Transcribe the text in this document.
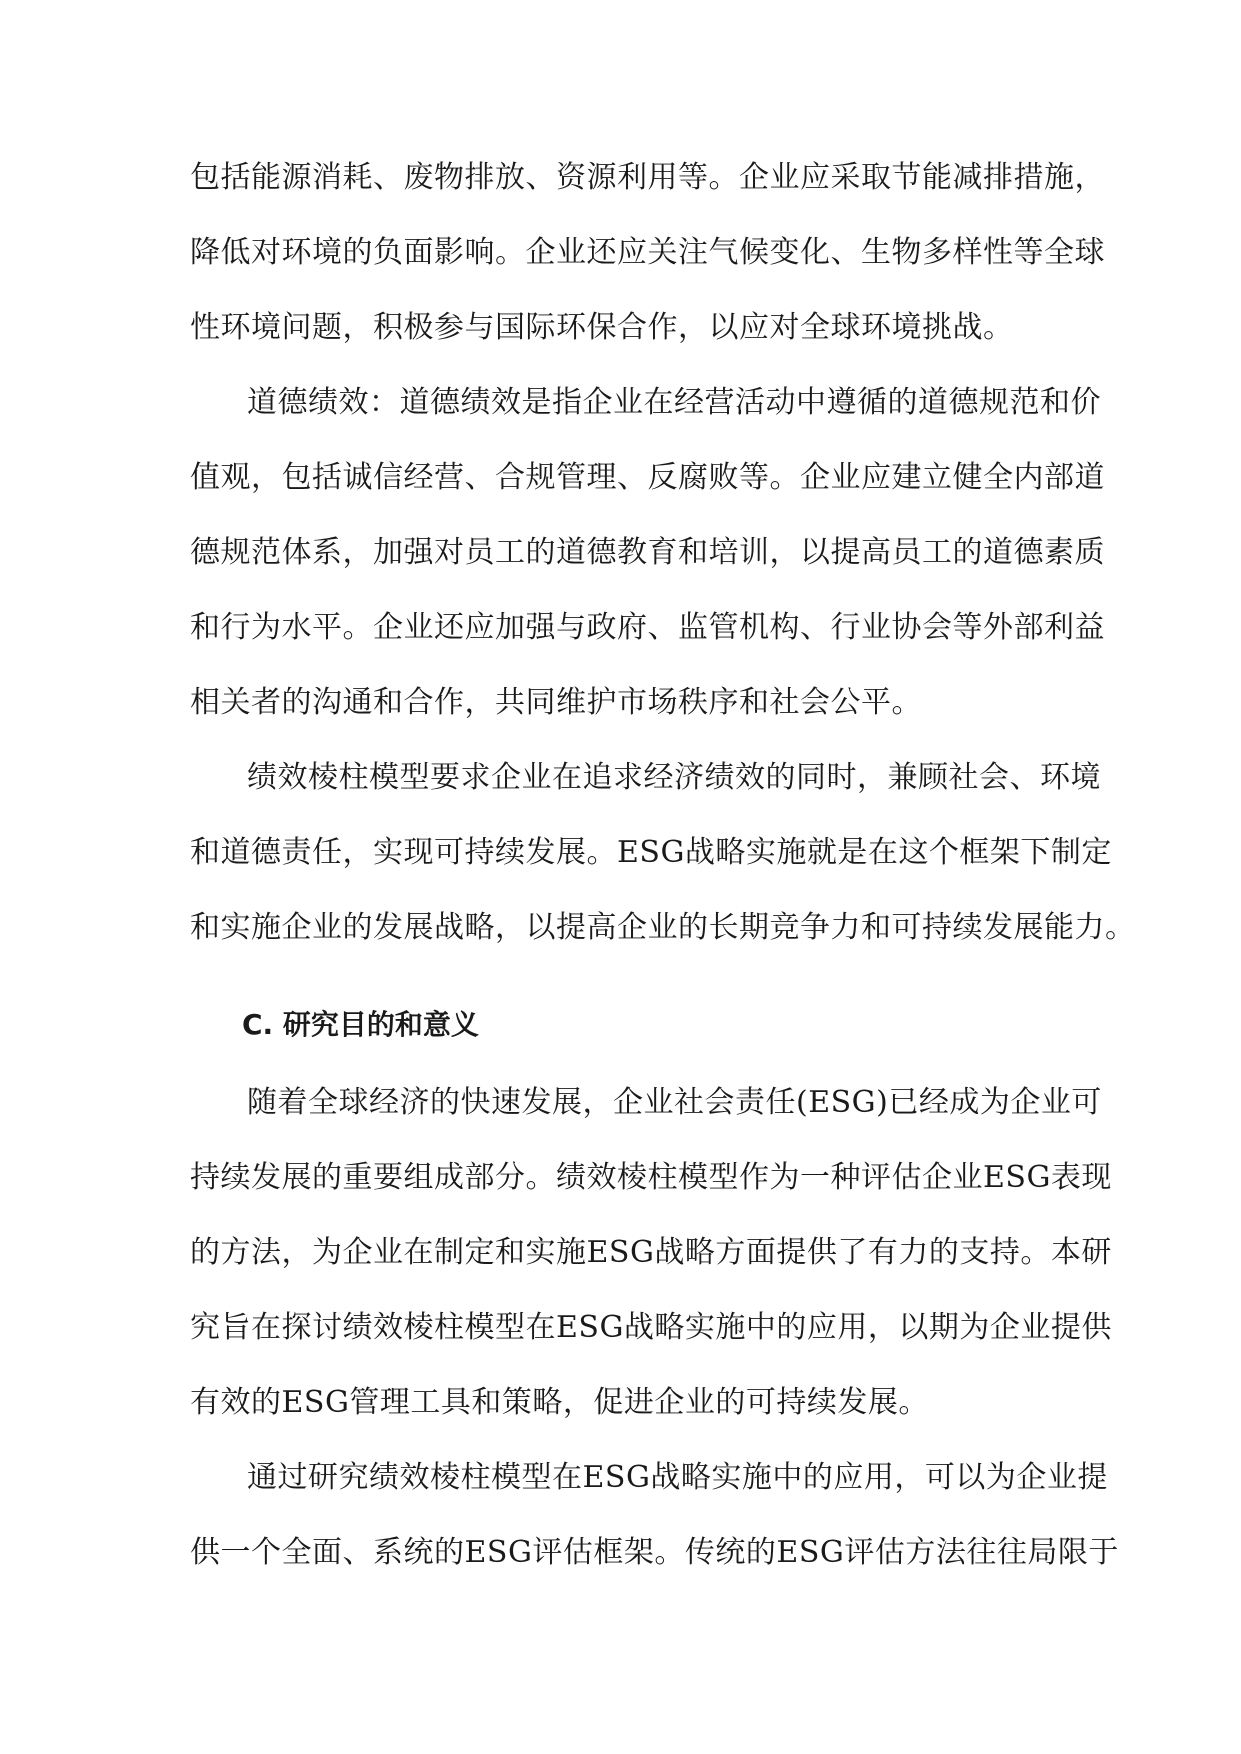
包括能源消耗、废物排放、资源利用等。企业应采取节能减排措施，
降低对环境的负面影响。企业还应关注气候变化、生物多样性等全球
性环境问题，积极参与国际环保合作，以应对全球环境挑战。
道德绩效：道德绩效是指企业在经营活动中遵循的道德规范和价
值观，包括诚信经营、合规管理、反腐败等。企业应建立健全内部道
德规范体系，加强对员工的道德教育和培训，以提高员工的道德素质
和行为水平。企业还应加强与政府、监管机构、行业协会等外部利益
相关者的沟通和合作，共同维护市场秩序和社会公平。
绩效棱柱模型要求企业在追求经济绩效的同时，兼顾社会、环境
和道德责任，实现可持续发展。ESG战略实施就是在这个框架下制定
和实施企业的发展战略，以提高企业的长期竞争力和可持续发展能力。
C. 研究目的和意义
随着全球经济的快速发展，企业社会责任(ESG)已经成为企业可
持续发展的重要组成部分。绩效棱柱模型作为一种评估企业ESG表现
的方法，为企业在制定和实施ESG战略方面提供了有力的支持。本研
究旨在探讨绩效棱柱模型在ESG战略实施中的应用，以期为企业提供
有效的ESG管理工具和策略，促进企业的可持续发展。
通过研究绩效棱柱模型在ESG战略实施中的应用，可以为企业提
供一个全面、系统的ESG评估框架。传统的ESG评估方法往往局限于
